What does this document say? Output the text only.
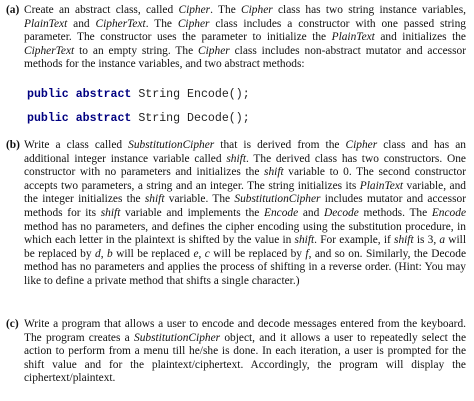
(a) Create an abstract class, called Cipher. The Cipher class has two string instance variables, PlainText and CipherText. The Cipher class includes a constructor with one passed string parameter. The constructor uses the parameter to initialize the PlainText and initializes the CipherText to an empty string. The Cipher class includes non-abstract mutator and accessor methods for the instance variables, and two abstract methods:
public abstract String Encode();
public abstract String Decode();
(b) Write a class called SubstitutionCipher that is derived from the Cipher class and has an additional integer instance variable called shift. The derived class has two constructors. One constructor with no parameters and initializes the shift variable to 0. The second constructor accepts two parameters, a string and an integer. The string initializes its PlainText variable, and the integer initializes the shift variable. The SubstitutionCipher includes mutator and accessor methods for its shift variable and implements the Encode and Decode methods. The Encode method has no parameters, and defines the cipher encoding using the substitution procedure, in which each letter in the plaintext is shifted by the value in shift. For example, if shift is 3, a will be replaced by d, b will be replaced e, c will be replaced by f, and so on. Similarly, the Decode method has no parameters and applies the process of shifting in a reverse order. (Hint: You may like to define a private method that shifts a single character.)
(c) Write a program that allows a user to encode and decode messages entered from the keyboard. The program creates a SubstitutionCipher object, and it allows a user to repeatedly select the action to perform from a menu till he/she is done. In each iteration, a user is prompted for the shift value and for the plaintext/ciphertext. Accordingly, the program will display the ciphertext/plaintext.
